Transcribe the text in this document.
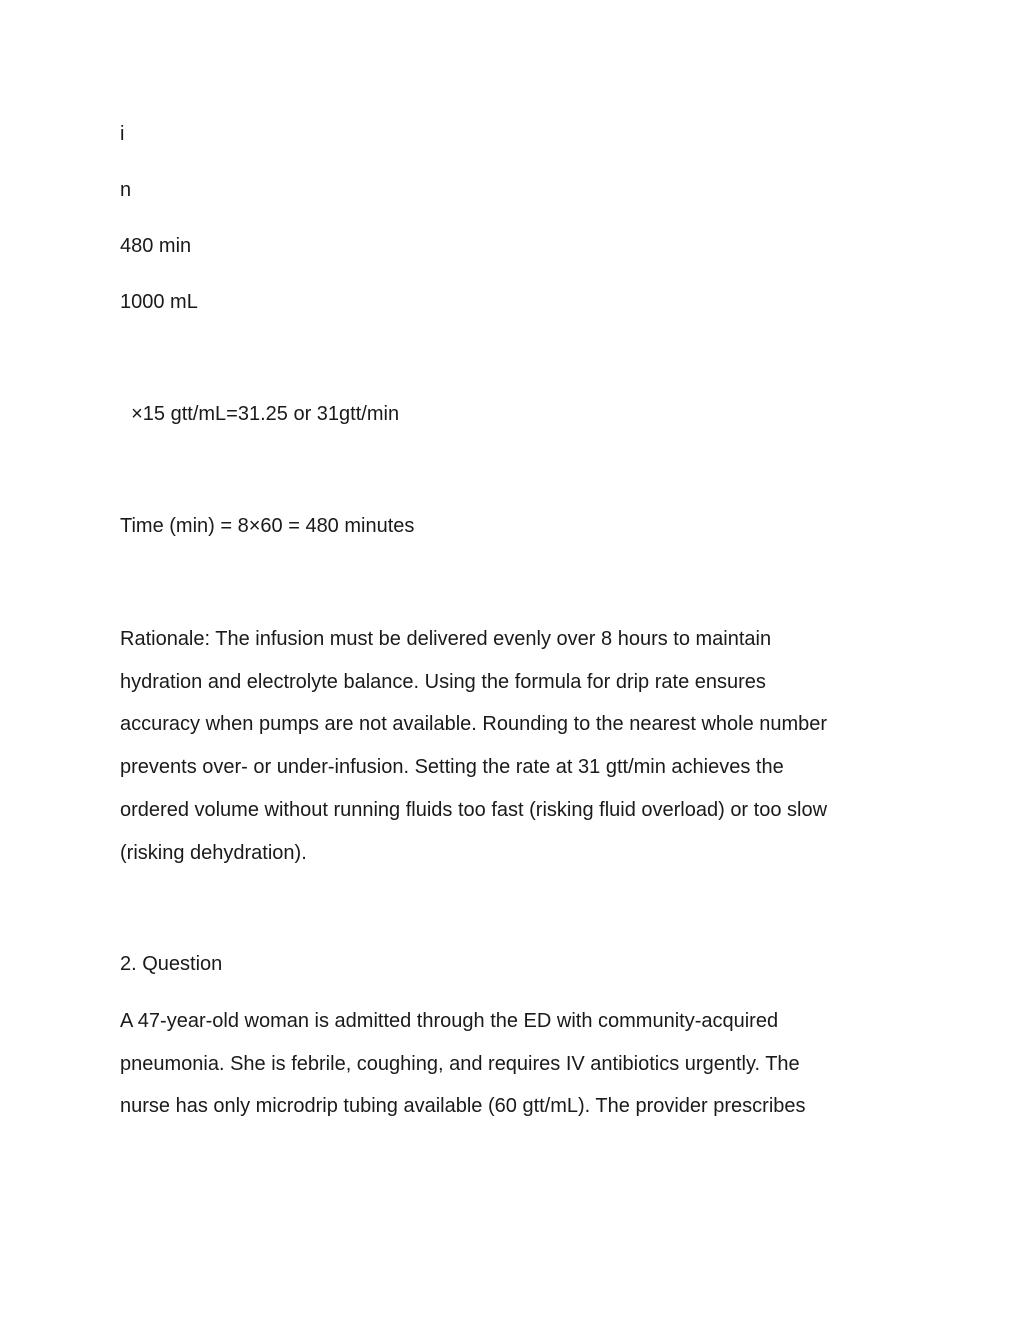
i

n

480 min

1000 mL

×15 gtt/mL=31.25 or 31gtt/min

Time (min) = 8×60 = 480 minutes

Rationale: The infusion must be delivered evenly over 8 hours to maintain
hydration and electrolyte balance. Using the formula for drip rate ensures
accuracy when pumps are not available. Rounding to the nearest whole number
prevents over- or under-infusion. Setting the rate at 31 gtt/min achieves the
ordered volume without running fluids too fast (risking fluid overload) or too slow
(risking dehydration).

2. Question

A 47-year-old woman is admitted through the ED with community-acquired
pneumonia. She is febrile, coughing, and requires IV antibiotics urgently. The
nurse has only microdrip tubing available (60 gtt/mL). The provider prescribes
